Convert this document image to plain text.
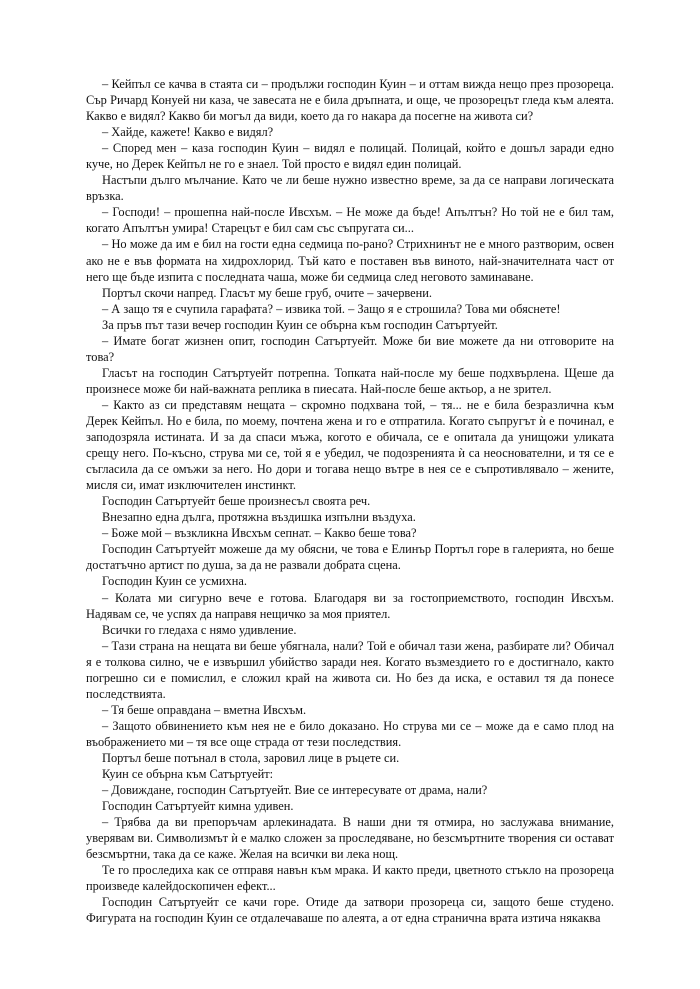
– Кейпъл се качва в стаята си – продължи господин Куин – и оттам вижда нещо през прозореца. Сър Ричард Конуей ни каза, че завесата не е била дръпната, и още, че прозорецът гледа към алеята. Какво е видял? Какво би могъл да види, което да го накара да посегне на живота си?

– Хайде, кажете! Какво е видял?

– Според мен – каза господин Куин – видял е полицай. Полицай, който е дошъл заради едно куче, но Дерек Кейпъл не го е знаел. Той просто е видял един полицай.

Настъпи дълго мълчание. Като че ли беше нужно известно време, за да се направи логическата връзка.

– Господи! – прошепна най-после Ивсхъм. – Не може да бъде! Апълтън? Но той не е бил там, когато Апълтън умира! Старецът е бил сам със съпругата си...

– Но може да им е бил на гости една седмица по-рано? Стрихнинът не е много разтворим, освен ако не е във формата на хидрохлорид. Тъй като е поставен във виното, най-значителната част от него ще бъде изпита с последната чаша, може би седмица след неговото заминаване.

Портъл скочи напред. Гласът му беше груб, очите – зачервени.

– А защо тя е счупила гарафата? – извика той. – Защо я е строшила? Това ми обяснете!

За пръв път тази вечер господин Куин се обърна към господин Сатъртуейт.

– Имате богат жизнен опит, господин Сатъртуейт. Може би вие можете да ни отговорите на това?

Гласът на господин Сатъртуейт потрепна. Топката най-после му беше подхвърлена. Щеше да произнесе може би най-важната реплика в пиесата. Най-после беше актьор, а не зрител.

– Както аз си представям нещата – скромно подхвана той, – тя... не е била безразлична към Дерек Кейпъл. Но е била, по моему, почтена жена и го е отпратила. Когато съпругът ѝ е починал, е заподозряла истината. И за да спаси мъжа, когото е обичала, се е опитала да унищожи уликата срещу него. По-късно, струва ми се, той я е убедил, че подозренията ѝ са неоснователни, и тя се е съгласила да се омъжи за него. Но дори и тогава нещо вътре в нея се е съпротивлявало – жените, мисля си, имат изключителен инстинкт.

Господин Сатъртуейт беше произнесъл своята реч.

Внезапно една дълга, протяжна въздишка изпълни въздуха.

– Боже мой – възкликна Ивсхъм сепнат. – Какво беше това?

Господин Сатъртуейт можеше да му обясни, че това е Елинър Портъл горе в галерията, но беше достатъчно артист по душа, за да не развали добрата сцена.

Господин Куин се усмихна.

– Колата ми сигурно вече е готова. Благодаря ви за гостоприемството, господин Ивсхъм. Надявам се, че успях да направя нещичко за моя приятел.

Всички го гледаха с нямо удивление.

– Тази страна на нещата ви беше убягнала, нали? Той е обичал тази жена, разбирате ли? Обичал я е толкова силно, че е извършил убийство заради нея. Когато възмездието го е достигнало, както погрешно си е помислил, е сложил край на живота си. Но без да иска, е оставил тя да понесе последствията.

– Тя беше оправдана – вметна Ивсхъм.

– Защото обвинението към нея не е било доказано. Но струва ми се – може да е само плод на въображението ми – тя все още страда от тези последствия.

Портъл беше потънал в стола, заровил лице в ръцете си.

Куин се обърна към Сатъртуейт:

– Довиждане, господин Сатъртуейт. Вие се интересувате от драма, нали?

Господин Сатъртуейт кимна удивен.

– Трябва да ви препоръчам арлекинадата. В наши дни тя отмира, но заслужава внимание, уверявам ви. Символизмът ѝ е малко сложен за проследяване, но безсмъртните творения си остават безсмъртни, така да се каже. Желая на всички ви лека нощ.

Те го проследиха как се отправя навън към мрака. И както преди, цветното стъкло на прозореца произведе калейдоскопичен ефект...

Господин Сатъртуейт се качи горе. Отиде да затвори прозореца си, защото беше студено. Фигурата на господин Куин се отдалечаваше по алеята, а от една странична врата изтича някаква
